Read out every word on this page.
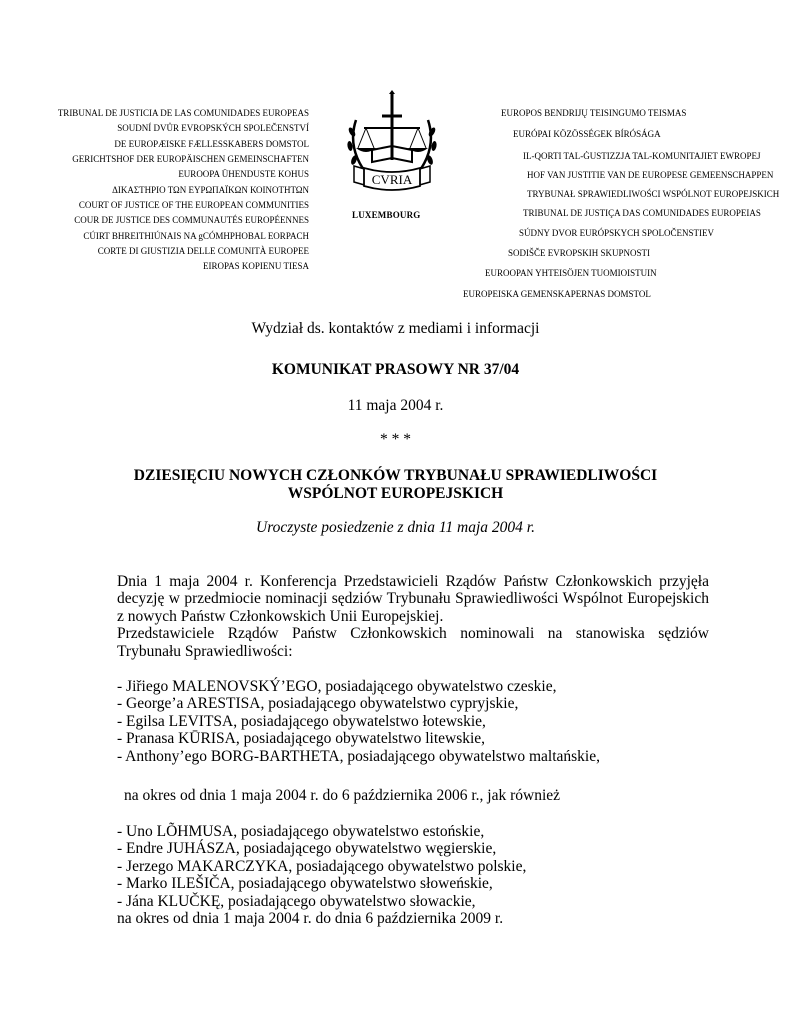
TRIBUNAL DE JUSTICIA DE LAS COMUNIDADES EUROPEAS
SOUDNÍ DVŮR EVROPSKÝCH SPOLEČENSTVÍ
DE EUROPÆISKE FÆLLESSKABERS DOMSTOL
GERICHTSHOF DER EUROPÄISCHEN GEMEINSCHAFTEN
EUROOPA ÜHENDUSTE KOHUS
ΔΙΚΑΣΤΗΡΙΟ ΤΩΝ ΕΥΡΩΠΑΪΚΩΝ ΚΟΙΝΟΤΗΤΩΝ
COURT OF JUSTICE OF THE EUROPEAN COMMUNITIES
COUR DE JUSTICE DES COMMUNAUTÉS EUROPÉENNES
CÚIRT BHREITHIÚNAIS NA gCÓMHPHOBAL EORPACH
CORTE DI GIUSTIZIA DELLE COMUNITÀ EUROPEE
EIROPAS KOPIENU TIESA
CVRIA
LUXEMBOURG
EUROPOS BENDRIJŲ TEISINGUMO TEISMAS
EURÓPAI KÖZÖSSÉGEK BÍRÓSÁGA
IL-QORTI TAL-ĠUSTIZZJA TAL-KOMUNITAJIET EWROPEJ
HOF VAN JUSTITIE VAN DE EUROPESE GEMEENSCHAPPEN
TRYBUNAŁ SPRAWIEDLIWOŚCI WSPÓLNOT EUROPEJSKICH
TRIBUNAL DE JUSTIÇA DAS COMUNIDADES EUROPEIAS
SÚDNY DVOR EURÓPSKYCH SPOLOČENSTIEV
SODIŠČE EVROPSKIH SKUPNOSTI
EUROOPAN YHTEISÖJEN TUOMIOISTUIN
EUROPEISKA GEMENSKAPERNAS DOMSTOL
Wydział ds. kontaktów z mediami i informacji
KOMUNIKAT PRASOWY NR 37/04
11 maja 2004 r.
* * *
DZIESIĘCIU NOWYCH CZŁONKÓW TRYBUNAŁU SPRAWIEDLIWOŚCI
WSPÓLNOT EUROPEJSKICH
Uroczyste posiedzenie z dnia 11 maja 2004 r.
Dnia 1 maja 2004 r. Konferencja Przedstawicieli Rządów Państw Członkowskich przyjęła
decyzję w przedmiocie nominacji sędziów Trybunału Sprawiedliwości Wspólnot Europejskich
z nowych Państw Członkowskich Unii Europejskiej.
Przedstawiciele Rządów Państw Członkowskich nominowali na stanowiska sędziów
Trybunału Sprawiedliwości:
- Jiřiego MALENOVSKÝ’EGO, posiadającego obywatelstwo czeskie,
- George’a ARESTISA, posiadającego obywatelstwo cypryjskie,
- Egilsa LEVITSA, posiadającego obywatelstwo łotewskie,
- Pranasa KŪRISA, posiadającego obywatelstwo litewskie,
- Anthony’ego BORG-BARTHETA, posiadającego obywatelstwo maltańskie,
na okres od dnia 1 maja 2004 r. do 6 października 2006 r., jak również
- Uno LÕHMUSA, posiadającego obywatelstwo estońskie,
- Endre JUHÁSZA, posiadającego obywatelstwo węgierskie,
- Jerzego MAKARCZYKA, posiadającego obywatelstwo polskie,
- Marko ILEŠIČA, posiadającego obywatelstwo słoweńskie,
- Jána KLUČKĘ, posiadającego obywatelstwo słowackie,
na okres od dnia 1 maja 2004 r. do dnia 6 października 2009 r.
